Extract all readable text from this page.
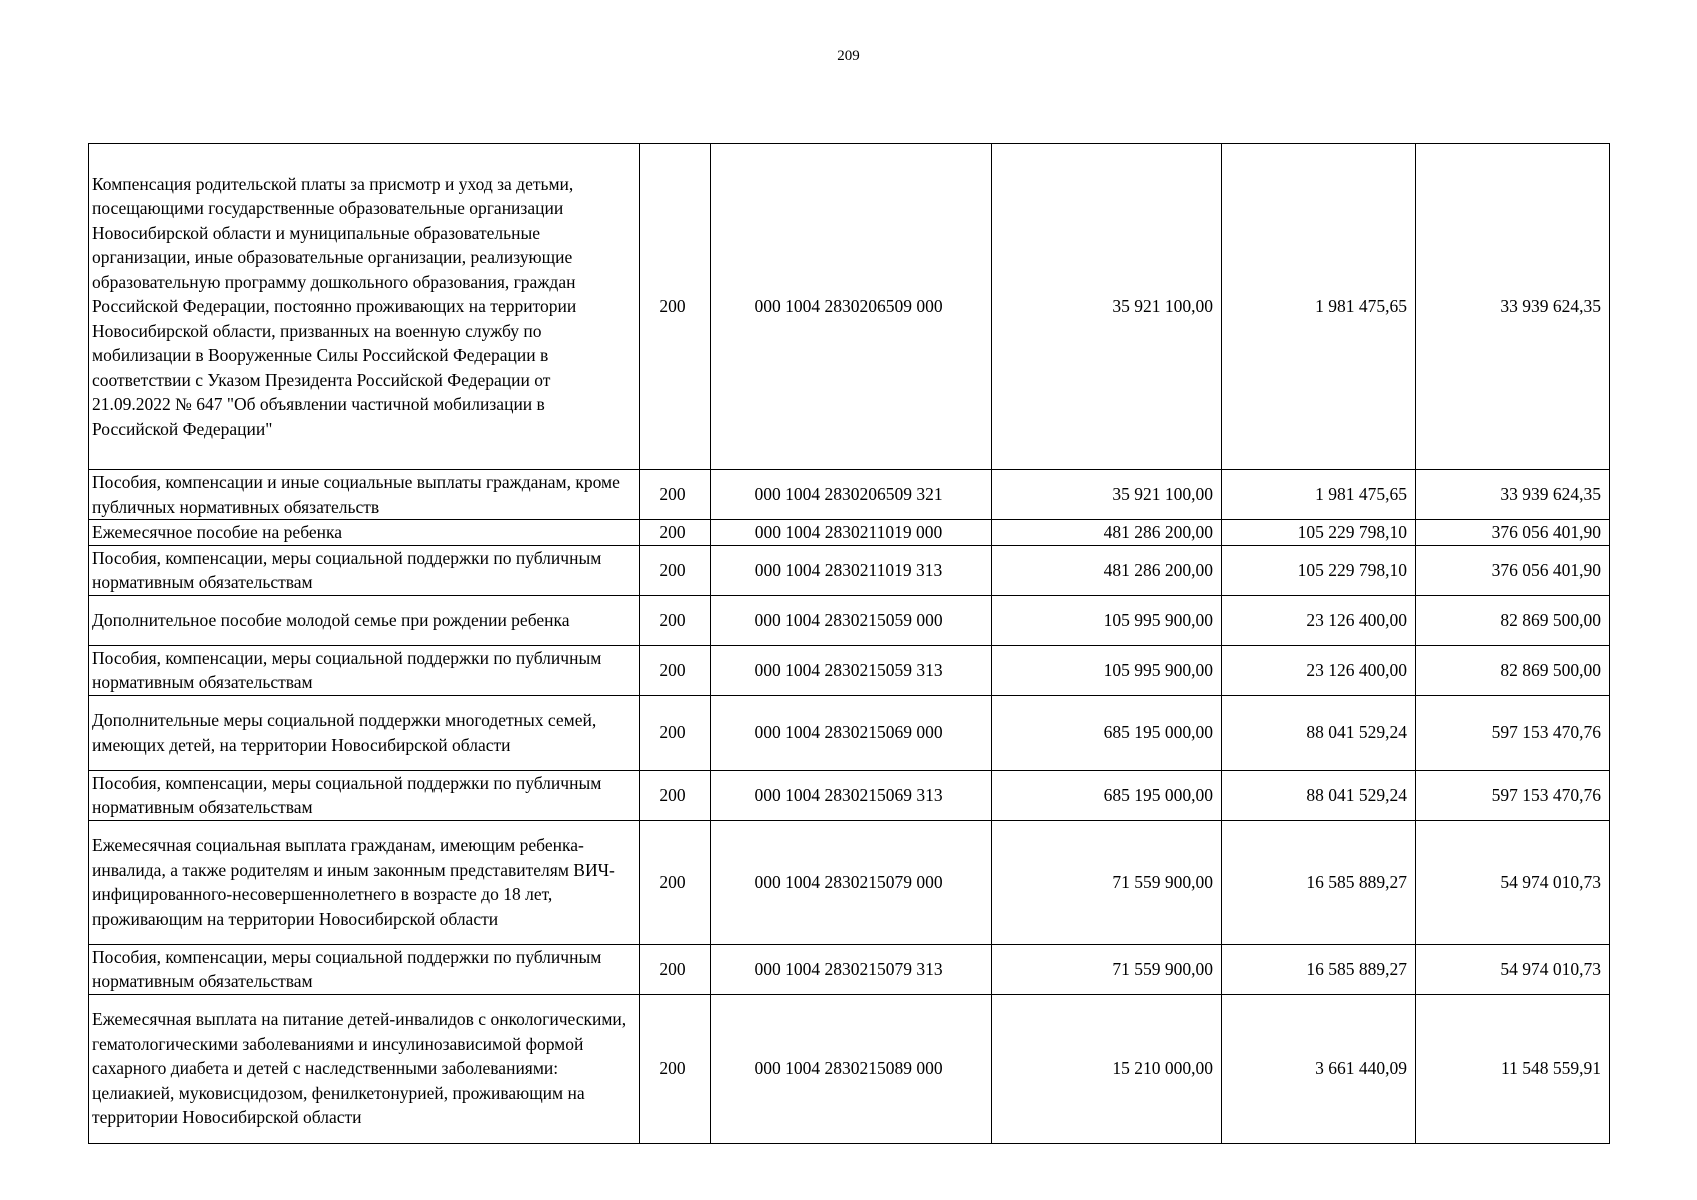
209
Компенсация родительской платы за присмотр и уход за детьми, посещающими государственные образовательные организации Новосибирской области и муниципальные образовательные организации, иные образовательные организации, реализующие образовательную программу дошкольного образования, граждан Российской Федерации, постоянно проживающих на территории Новосибирской области, призванных на военную службу по мобилизации в Вооруженные Силы Российской Федерации в соответствии с Указом Президента Российской Федерации от 21.09.2022 № 647 "Об объявлении частичной мобилизации в Российской Федерации"	200	000 1004 2830206509 000	35 921 100,00	1 981 475,65	33 939 624,35

Пособия, компенсации и иные социальные выплаты гражданам, кроме публичных нормативных обязательств	200	000 1004 2830206509 321	35 921 100,00	1 981 475,65	33 939 624,35

Ежемесячное пособие на ребенка	200	000 1004 2830211019 000	481 286 200,00	105 229 798,10	376 056 401,90

Пособия, компенсации, меры социальной поддержки по публичным нормативным обязательствам	200	000 1004 2830211019 313	481 286 200,00	105 229 798,10	376 056 401,90

Дополнительное пособие молодой семье при рождении ребенка	200	000 1004 2830215059 000	105 995 900,00	23 126 400,00	82 869 500,00

Пособия, компенсации, меры социальной поддержки по публичным нормативным обязательствам	200	000 1004 2830215059 313	105 995 900,00	23 126 400,00	82 869 500,00

Дополнительные меры социальной поддержки многодетных семей, имеющих детей, на территории Новосибирской области	200	000 1004 2830215069 000	685 195 000,00	88 041 529,24	597 153 470,76

Пособия, компенсации, меры социальной поддержки по публичным нормативным обязательствам	200	000 1004 2830215069 313	685 195 000,00	88 041 529,24	597 153 470,76

Ежемесячная социальная выплата гражданам, имеющим ребенка-инвалида, а также родителям и иным законным представителям ВИЧ-инфицированного-несовершеннолетнего в возрасте до 18 лет, проживающим на территории Новосибирской области	200	000 1004 2830215079 000	71 559 900,00	16 585 889,27	54 974 010,73

Пособия, компенсации, меры социальной поддержки по публичным нормативным обязательствам	200	000 1004 2830215079 313	71 559 900,00	16 585 889,27	54 974 010,73

Ежемесячная выплата на питание детей-инвалидов с онкологическими, гематологическими заболеваниями и инсулинозависимой формой сахарного диабета и детей с наследственными заболеваниями: целиакией, муковисцидозом, фенилкетонурией, проживающим на территории Новосибирской области	200	000 1004 2830215089 000	15 210 000,00	3 661 440,09	11 548 559,91
